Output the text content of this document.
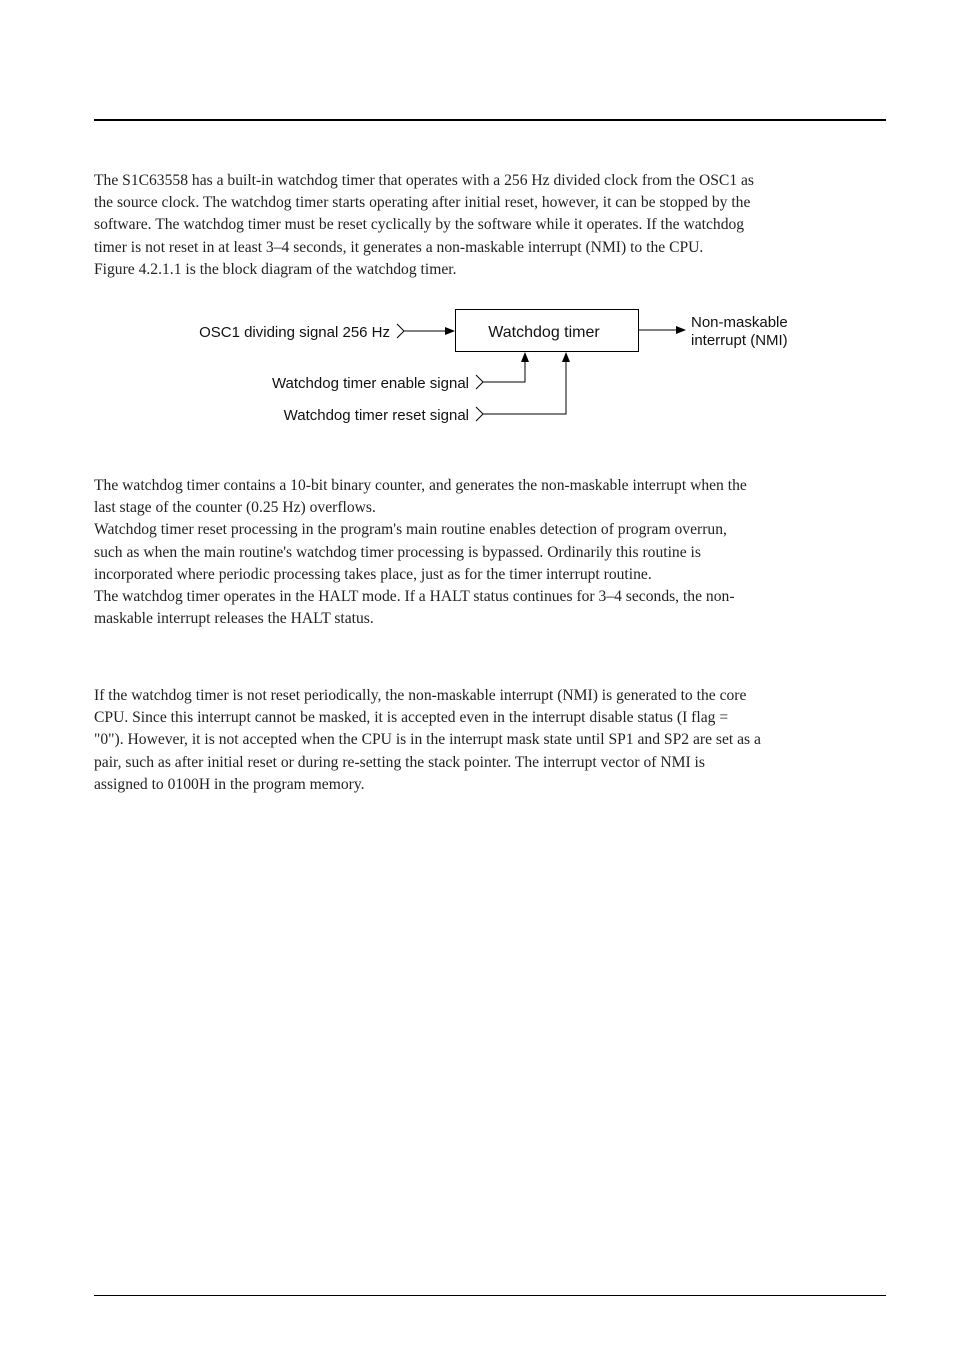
The S1C63558 has a built-in watchdog timer that operates with a 256 Hz divided clock from the OSC1 as
the source clock. The watchdog timer starts operating after initial reset, however, it can be stopped by the
software. The watchdog timer must be reset cyclically by the software while it operates. If the watchdog
timer is not reset in at least 3–4 seconds, it generates a non-maskable interrupt (NMI) to the CPU.
Figure 4.2.1.1 is the block diagram of the watchdog timer.

Watchdog timer
OSC1 dividing signal 256 Hz
Watchdog timer enable signal
Watchdog timer reset signal
Non-maskable
interrupt (NMI)

The watchdog timer contains a 10-bit binary counter, and generates the non-maskable interrupt when the
last stage of the counter (0.25 Hz) overflows.
Watchdog timer reset processing in the program's main routine enables detection of program overrun,
such as when the main routine's watchdog timer processing is bypassed. Ordinarily this routine is
incorporated where periodic processing takes place, just as for the timer interrupt routine.
The watchdog timer operates in the HALT mode. If a HALT status continues for 3–4 seconds, the non-
maskable interrupt releases the HALT status.

If the watchdog timer is not reset periodically, the non-maskable interrupt (NMI) is generated to the core
CPU. Since this interrupt cannot be masked, it is accepted even in the interrupt disable status (I flag =
"0"). However, it is not accepted when the CPU is in the interrupt mask state until SP1 and SP2 are set as a
pair, such as after initial reset or during re-setting the stack pointer. The interrupt vector of NMI is
assigned to 0100H in the program memory.
